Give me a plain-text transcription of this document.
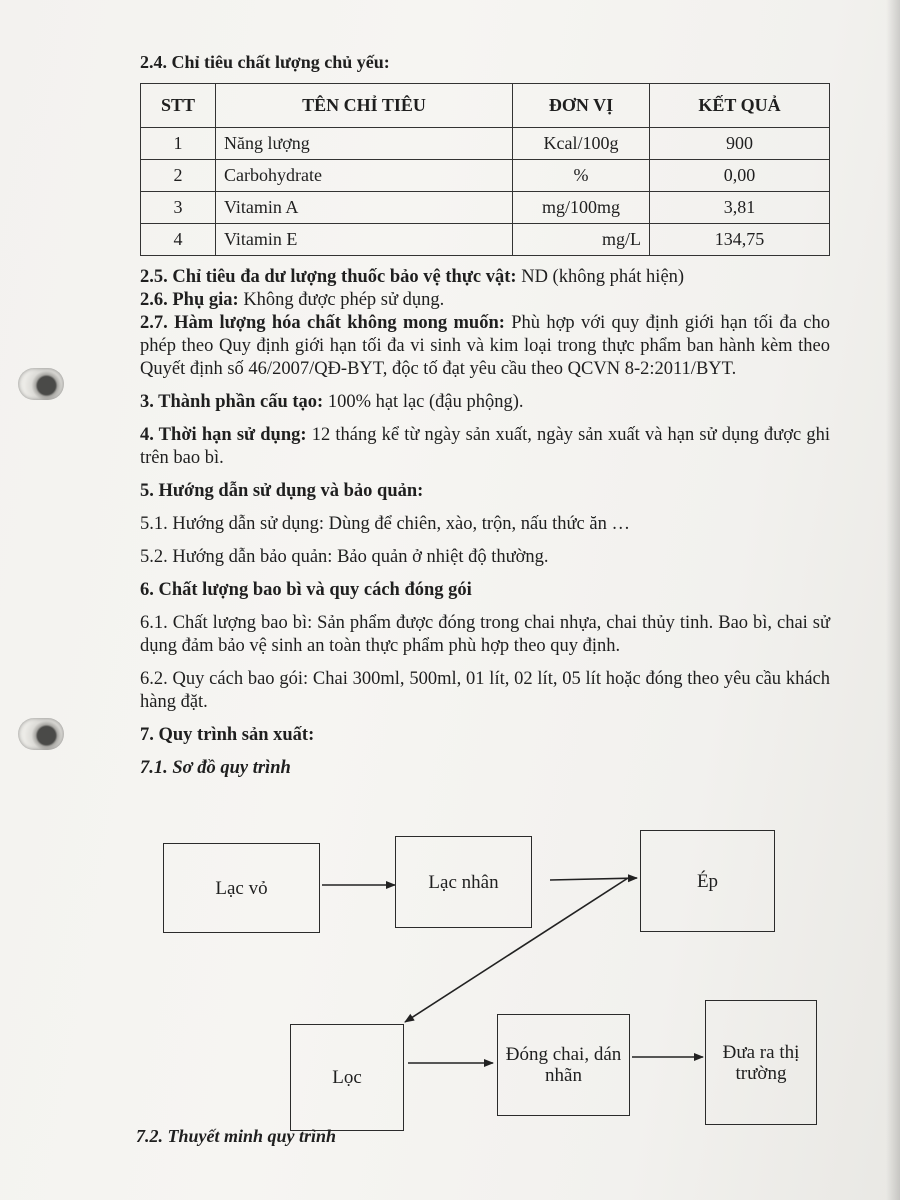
2.4. Chỉ tiêu chất lượng chủ yếu:
STT	TÊN CHỈ TIÊU	ĐƠN VỊ	KẾT QUẢ
1	Năng lượng	Kcal/100g	900
2	Carbohydrate	%	0,00
3	Vitamin A	mg/100mg	3,81
4	Vitamin E	mg/L	134,75
2.5. Chỉ tiêu đa dư lượng thuốc bảo vệ thực vật: ND (không phát hiện)
2.6. Phụ gia: Không được phép sử dụng.
2.7. Hàm lượng hóa chất không mong muốn: Phù hợp với quy định giới hạn tối đa cho phép theo Quy định giới hạn tối đa vi sinh và kim loại trong thực phẩm ban hành kèm theo Quyết định số 46/2007/QĐ-BYT, độc tố đạt yêu cầu theo QCVN 8-2:2011/BYT.
3. Thành phần cấu tạo: 100% hạt lạc (đậu phộng).
4. Thời hạn sử dụng: 12 tháng kể từ ngày sản xuất, ngày sản xuất và hạn sử dụng được ghi trên bao bì.
5. Hướng dẫn sử dụng và bảo quản:
5.1. Hướng dẫn sử dụng: Dùng để chiên, xào, trộn, nấu thức ăn …
5.2. Hướng dẫn bảo quản: Bảo quản ở nhiệt độ thường.
6. Chất lượng bao bì và quy cách đóng gói
6.1. Chất lượng bao bì: Sản phẩm được đóng trong chai nhựa, chai thủy tinh. Bao bì, chai sử dụng đảm bảo vệ sinh an toàn thực phẩm phù hợp theo quy định.
6.2. Quy cách bao gói: Chai 300ml, 500ml, 01 lít, 02 lít, 05 lít hoặc đóng theo yêu cầu khách hàng đặt.
7. Quy trình sản xuất:
7.1. Sơ đồ quy trình
Lạc vỏ	Lạc nhân	Ép
Lọc
Đóng chai, dán nhãn
Đưa ra thị trường
7.2. Thuyết minh quy trình
